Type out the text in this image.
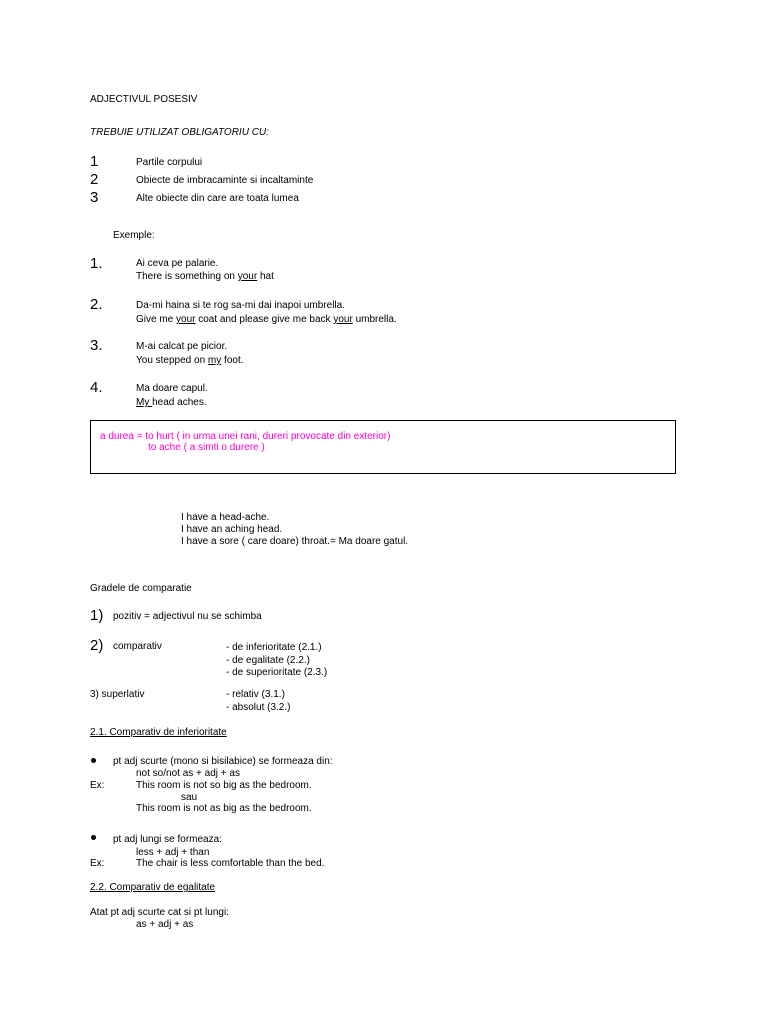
ADJECTIVUL POSESIV
TREBUIE UTILIZAT OBLIGATORIU CU:
1	Partile corpului
2	Obiecte de imbracaminte si incaltaminte
3	Alte obiecte din care are toata lumea
Exemple:
1.	Ai ceva pe palarie.
There is something on your hat
2.	Da-mi haina si te rog sa-mi dai inapoi umbrella.
Give me your coat and please give me back your umbrella.
3.	M-ai calcat pe picior.
You stepped on my foot.
4.	Ma doare capul.
My head aches.
a durea = to hurt ( in urma unei rani, dureri provocate din exterior)
to ache ( a simti o durere )
I have a head-ache.
I have an aching head.
I have a sore ( care doare) throat.= Ma doare gatul.
Gradele de comparatie
1) pozitiv = adjectivul nu se schimba
2) comparativ	- de inferioritate (2.1.)
- de egalitate (2.2.)
- de superioritate (2.3.)
3) superlativ	- relativ (3.1.)
- absolut (3.2.)
2.1. Comparativ de inferioritate
pt adj scurte (mono si bisilabice) se formeaza din:
not so/not as + adj + as
Ex:	This room is not so big as the bedroom.
sau
This room is not as big as the bedroom.
pt adj lungi se formeaza:
less + adj + than
Ex:	The chair is less comfortable than the bed.
2.2. Comparativ de egalitate
Atat pt adj scurte cat si pt lungi:
as + adj + as
